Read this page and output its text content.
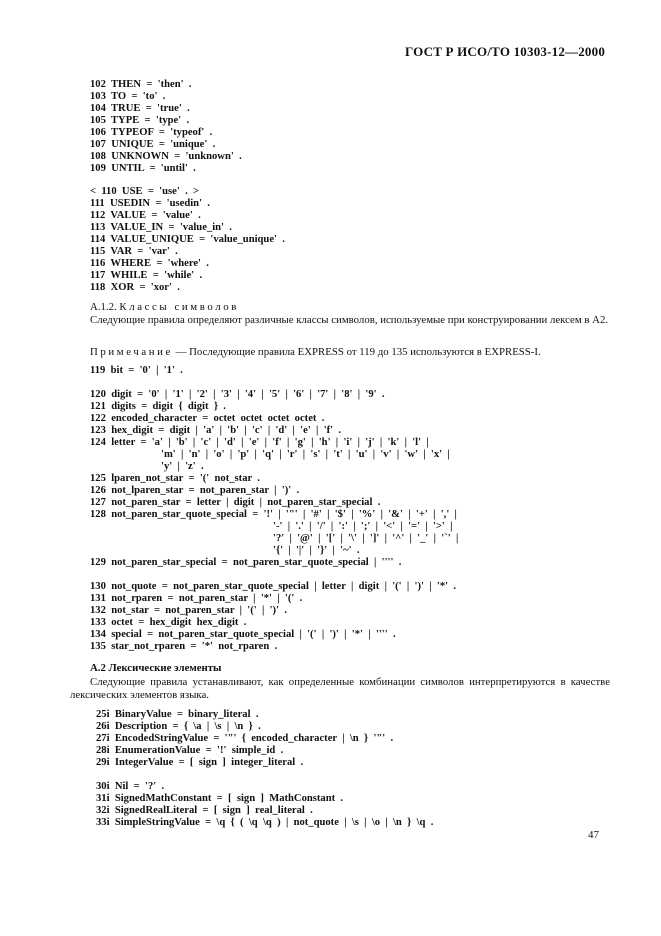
ГОСТ Р ИСО/ТО 10303-12—2000
102  THEN  =  'then'  .
103  TO  =  'to'  .
104  TRUE  =  'true'  .
105  TYPE  =  'type'  .
106  TYPEOF  =  'typeof'  .
107  UNIQUE  =  'unique'  .
108  UNKNOWN  =  'unknown'  .
109  UNTIL  =  'until'  .
<  110  USE  =  'use'  .  >
111  USEDIN  =  'usedin'  .
112  VALUE  =  'value'  .
113  VALUE_IN  =  'value_in'  .
114  VALUE_UNIQUE  =  'value_unique'  .
115  VAR  =  'var'  .
116  WHERE  =  'where'  .
117  WHILE  =  'while'  .
118  XOR  =  'xor'  .
А.1.2. Классы символов
Следующие правила определяют различные классы символов, используемые при конструировании лексем в А2.
Примечание — Последующие правила EXPRESS от 119 до 135 используются в EXPRESS-I.
119  bit  =  '0'  |  '1'  .
120  digit  =  '0'  |  '1'  |  '2'  |  '3'  |  '4'  |  '5'  |  '6'  |  '7'  |  '8'  |  '9'  .
121  digits  =  digit  {  digit  }  .
122  encoded_character  =  octet  octet  octet  octet  .
123  hex_digit  =  digit  |  'a'  |  'b'  |  'c'  |  'd'  |  'e'  |  'f'  .
124  letter  =  'a'  |  'b'  |  'c'  |  'd'  |  'e'  |  'f'  |  'g'  |  'h'  |  'i'  |  'j'  |  'k'  |  'l'  |
'm'  |  'n'  |  'o'  |  'p'  |  'q'  |  'r'  |  's'  |  't'  |  'u'  |  'v'  |  'w'  |  'x'  |
'y'  |  'z'  .
125  lparen_not_star  =  '('  not_star  .
126  not_lparen_star  =  not_paren_star  |  ')'  .
127  not_paren_star  =  letter  |  digit  |  not_paren_star_special  .
128  not_paren_star_quote_special  =  '!'  |  '"'  |  '#'  |  '$'  |  '%'  |  '&'  |  '+'  |  ','  |
'-'  |  '.'  |  '/'  |  ':'  |  ';'  |  '<'  |  '='  |  '>'  |
'?'  |  '@'  |  '['  |  '\'  |  ']'  |  '^'  |  '_'  |  '`'  |
'{'  |  '|'  |  '}'  |  '~'  .
129  not_paren_star_special  =  not_paren_star_quote_special  |  ''''  .
130  not_quote  =  not_paren_star_quote_special  |  letter  |  digit  |  '('  |  ')'  |  '*'  .
131  not_rparen  =  not_paren_star  |  '*'  |  '('  .
132  not_star  =  not_paren_star  |  '('  |  ')'  .
133  octet  =  hex_digit  hex_digit  .
134  special  =  not_paren_star_quote_special  |  '('  |  ')'  |  '*'  |  ''''  .
135  star_not_rparen  =  '*'  not_rparen  .
А.2 Лексические элементы
Следующие правила устанавливают, как определенные комбинации символов интерпретируются в качестве лексических элементов языка.
25i  BinaryValue  =  binary_literal  .
26i  Description  =  {  \a  |  \s  |  \n  }  .
27i  EncodedStringValue  =  '"'  {  encoded_character  |  \n  }  '"'  .
28i  EnumerationValue  =  '!'  simple_id  .
29i  IntegerValue  =  [  sign  ]  integer_literal  .
30i  Nil  =  '?'  .
31i  SignedMathConstant  =  [  sign  ]  MathConstant  .
32i  SignedRealLiteral  =  [  sign  ]  real_literal  .
33i  SimpleStringValue  =  \q  {  (  \q  \q  )  |  not_quote  |  \s  |  \o  |  \n  }  \q  .
47
